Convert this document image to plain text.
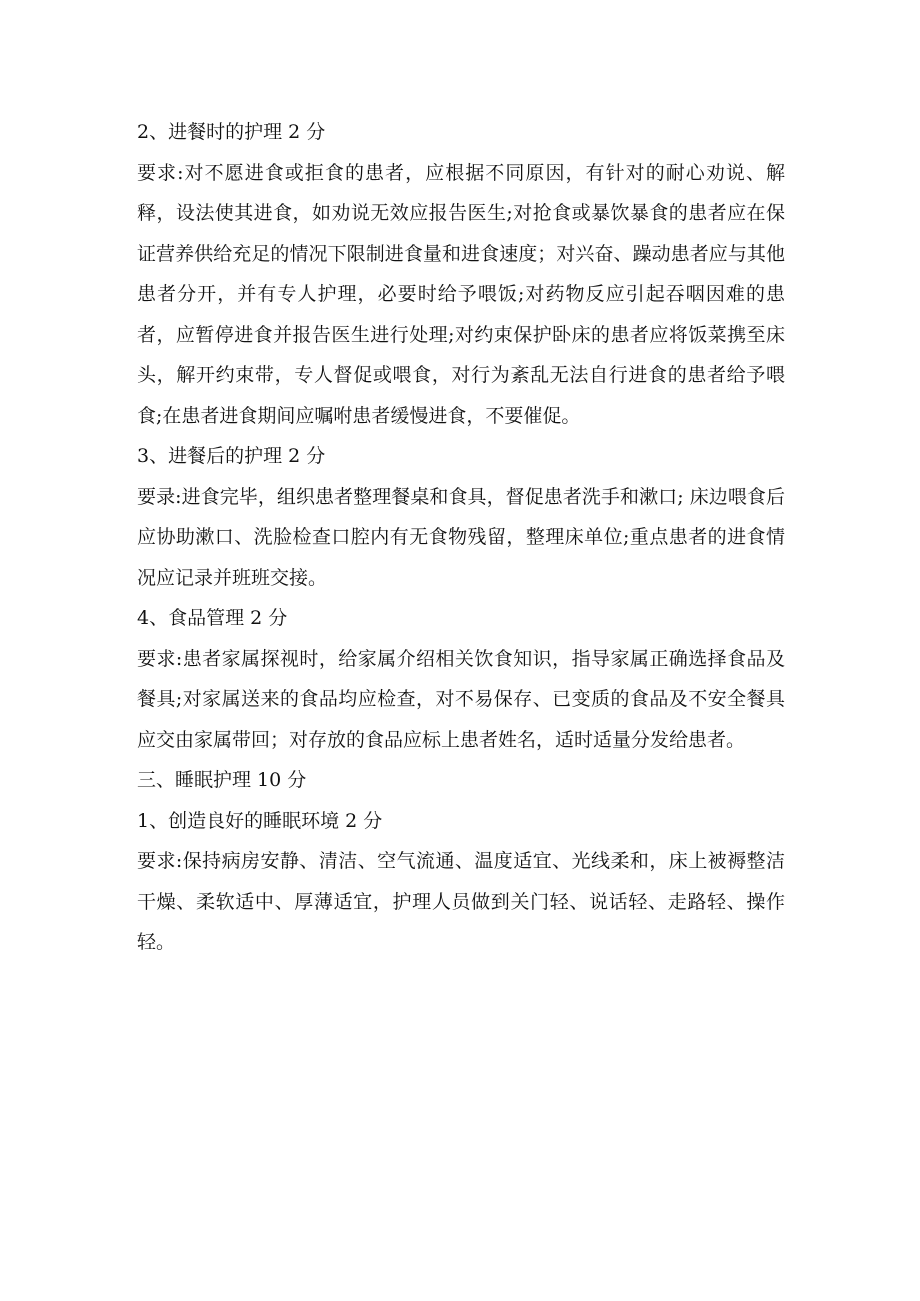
2、进餐时的护理 2 分

要求:对不愿进食或拒食的患者，应根据不同原因，有针对的耐心劝说、解释，设法使其进食，如劝说无效应报告医生;对抢食或暴饮暴食的患者应在保证营养供给充足的情况下限制进食量和进食速度；对兴奋、躁动患者应与其他患者分开，并有专人护理，必要时给予喂饭;对药物反应引起吞咽因难的患者，应暂停进食并报告医生进行处理;对约束保护卧床的患者应将饭菜携至床头，解开约束带，专人督促或喂食，对行为紊乱无法自行进食的患者给予喂食;在患者进食期间应嘱咐患者缓慢进食，不要催促。

3、进餐后的护理 2 分

要录:进食完毕，组织患者整理餐桌和食具，督促患者洗手和漱口; 床边喂食后应协助漱口、洗脸检查口腔内有无食物残留，整理床单位;重点患者的进食情况应记录并班班交接。

4、食品管理 2 分

要求:患者家属探视时，给家属介绍相关饮食知识，指导家属正确选择食品及餐具;对家属送来的食品均应检查，对不易保存、已变质的食品及不安全餐具应交由家属带回；对存放的食品应标上患者姓名，适时适量分发给患者。

三、睡眠护理 10 分

1、创造良好的睡眠环境 2 分

要求:保持病房安静、清洁、空气流通、温度适宜、光线柔和，床上被褥整洁干燥、柔软适中、厚薄适宜，护理人员做到关门轻、说话轻、走路轻、操作轻。
